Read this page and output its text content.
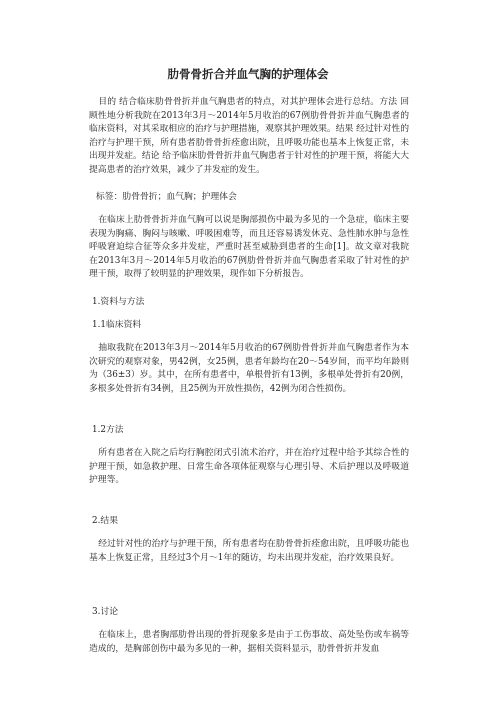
肋骨骨折合并血气胸的护理体会
目的 结合临床肋骨骨折并血气胸患者的特点，对其护理体会进行总结。方法 回顾性地分析我院在2013年3月～2014年5月收治的67例肋骨骨折并血气胸患者的临床资料，对其采取相应的治疗与护理措施，观察其护理效果。结果 经过针对性的治疗与护理干预，所有患者肋骨骨折痊愈出院，且呼吸功能也基本上恢复正常，未出现并发症。结论 给予临床肋骨骨折并血气胸患者于针对性的护理干预，将能大大提高患者的治疗效果，减少了并发症的发生。
标签：肋骨骨折；血气胸；护理体会
在临床上肋骨骨折并血气胸可以说是胸部损伤中最为多见的一个急症，临床主要表现为胸痛、胸闷与咳嗽、呼吸困难等，而且还容易诱发休克、急性肺水肿与急性呼吸窘迫综合征等众多并发症，严重时甚至威胁到患者的生命[1]。故文章对我院在2013年3月～2014年5月收治的67例肋骨骨折并血气胸患者采取了针对性的护理干预，取得了较明显的护理效果，现作如下分析报告。
1.资料与方法
1.1临床资料
抽取我院在2013年3月～2014年5月收治的67例肋骨骨折并血气胸患者作为本次研究的观察对象，男42例，女25例，患者年龄均在20～54岁间，而平均年龄则为（36±3）岁。其中，在所有患者中，单根骨折有13例，多根单处骨折有20例，多根多处骨折有34例，且25例为开放性损伤，42例为闭合性损伤。
1.2方法
所有患者在入院之后均行胸腔闭式引流术治疗，并在治疗过程中给予其综合性的护理干预，如急救护理、日常生命各项体征观察与心理引导、术后护理以及呼吸道护理等。
2.结果
经过针对性的治疗与护理干预，所有患者均在肋骨骨折痊愈出院，且呼吸功能也基本上恢复正常，且经过3个月～1年的随访，均未出现并发症，治疗效果良好。
3.讨论
在临床上，患者胸部肋骨出现的骨折现象多是由于工伤事故、高处坠伤或车祸等造成的，是胸部创伤中最为多见的一种，据相关资料显示，肋骨骨折并发血
